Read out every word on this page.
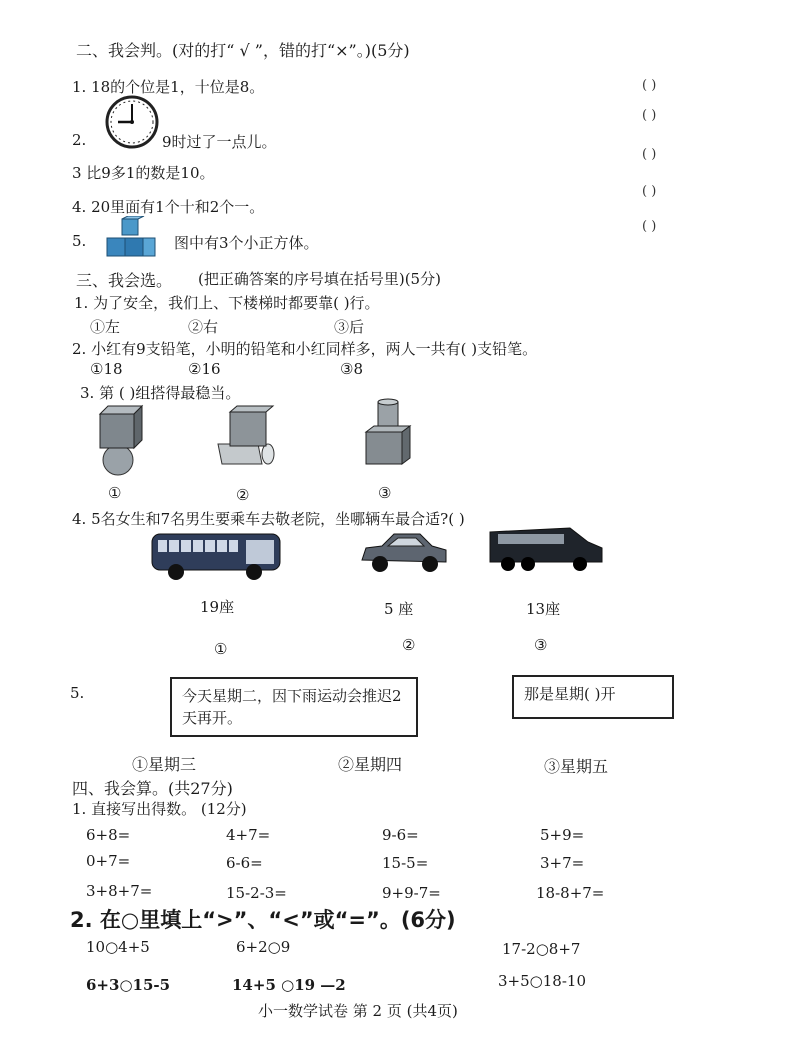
二、我会判。(对的打“ √ ”，错的打“×”。)(5分)
1. 18的个位是1，十位是8。
2.	9时过了一点儿。
3 比9多1的数是10。
4. 20里面有1个十和2个一。
5.	图中有3个小正方体。
( )
( )
( )
( )
( )
三、我会选。 (把正确答案的序号填在括号里)(5分)
1. 为了安全，我们上、下楼梯时都要靠( )行。
①左	②右	③后
2. 小红有9支铅笔，小明的铅笔和小红同样多，两人一共有( )支铅笔。
①18	②16	③8
3. 第 ( )组搭得最稳当。
①	②	③
4. 5名女生和7名男生要乘车去敬老院，坐哪辆车最合适?( )
19座	5 座	13座
①	②	③
5.	今天星期二，因下雨运动会推迟2天再开。
那是星期( )开
①星期三	②星期四	③星期五
四、我会算。(共27分)
1. 直接写出得数。 (12分)
6+8=	4+7=	9-6=	5+9=
0+7=	6-6=	15-5=	3+7=
3+8+7=	15-2-3=	9+9-7=	18-8+7=
2. 在○里填上“>”、“<”或“=”。(6分)
10○4+5	6+2○9	17-2○8+7
6+3○15-5	14+5 ○19 —2	3+5○18-10
小一数学试卷 第 2 页 (共4页)
